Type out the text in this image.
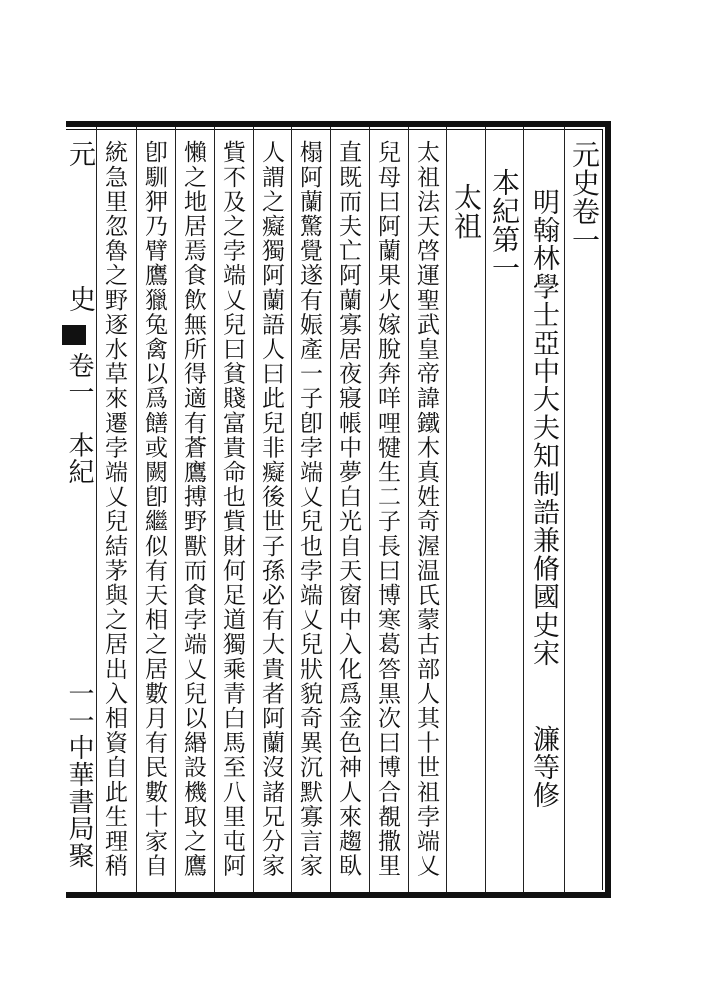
元史卷一
明翰林學士亞中大夫知制誥兼脩國史宋
濂等修
本紀第一
太祖
太祖法天啓運聖武皇帝諱鐵木真姓奇渥温氏蒙古部人其十世祖孛端乂
兒母曰阿蘭果火嫁脫奔咩哩犍生二子長曰博寒葛答黒次曰博合覩撒里
直既而夫亡阿蘭寡居夜寢帳中夢白光自天窗中入化爲金色神人來趨臥
榻阿蘭驚覺遂有娠產一子卽孛端乂兒也孛端乂兒狀貌奇異沉默寡言家
人謂之癡獨阿蘭語人曰此兒非癡後世子孫必有大貴者阿蘭沒諸兄分家
貲不及之孛端乂兒曰貧賤富貴命也貲財何足道獨乘青白馬至八里屯阿
懶之地居焉食飲無所得適有蒼鷹搏野獸而食孛端乂兒以緡設機取之鷹
卽馴狎乃臂鷹獵兔禽以爲饍或闕卽繼似有天相之居數月有民數十家自
統急里忽魯之野逐水草來遷孛端乂兒結茅與之居出入相資自此生理稍
元
史
卷一　本紀
一一中華書局聚
